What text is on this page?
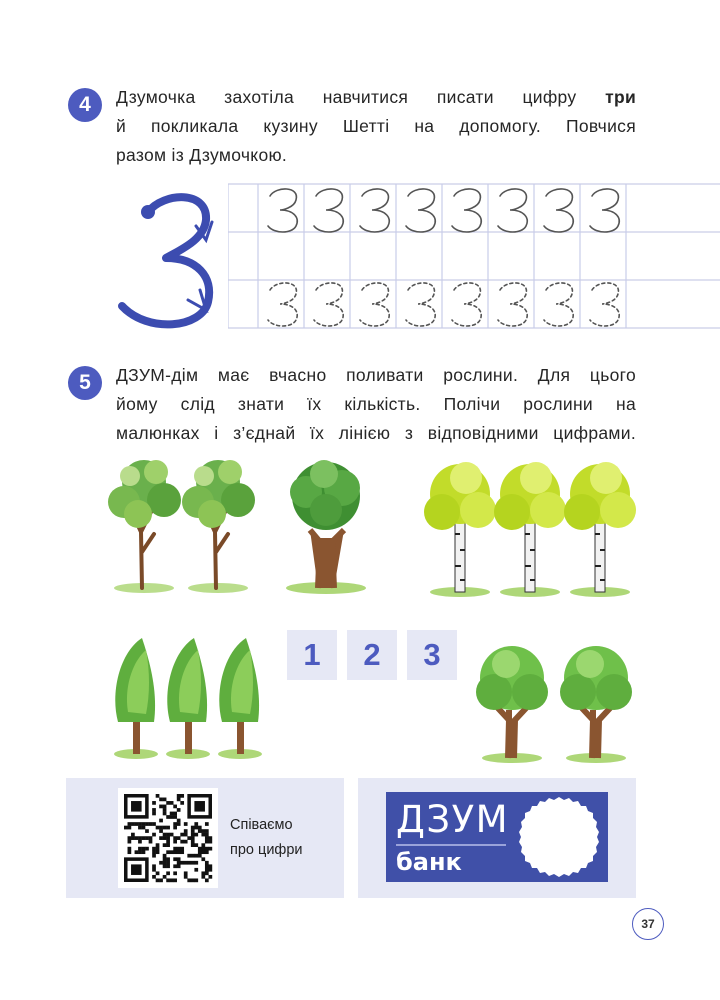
4 Дзумочка захотіла навчитися писати цифру три
й покликала кузину Шетті на допомогу. Повчися
разом із Дзумочкою.
5 ДЗУМ-дім має вчасно поливати рослини. Для цього
йому слід знати їх кількість. Полічи рослини на
малюнках і з’єднай їх лінією з відповідними цифрами.
1 2 3
Співаємо
про цифри
ДЗУМ
банк
37
